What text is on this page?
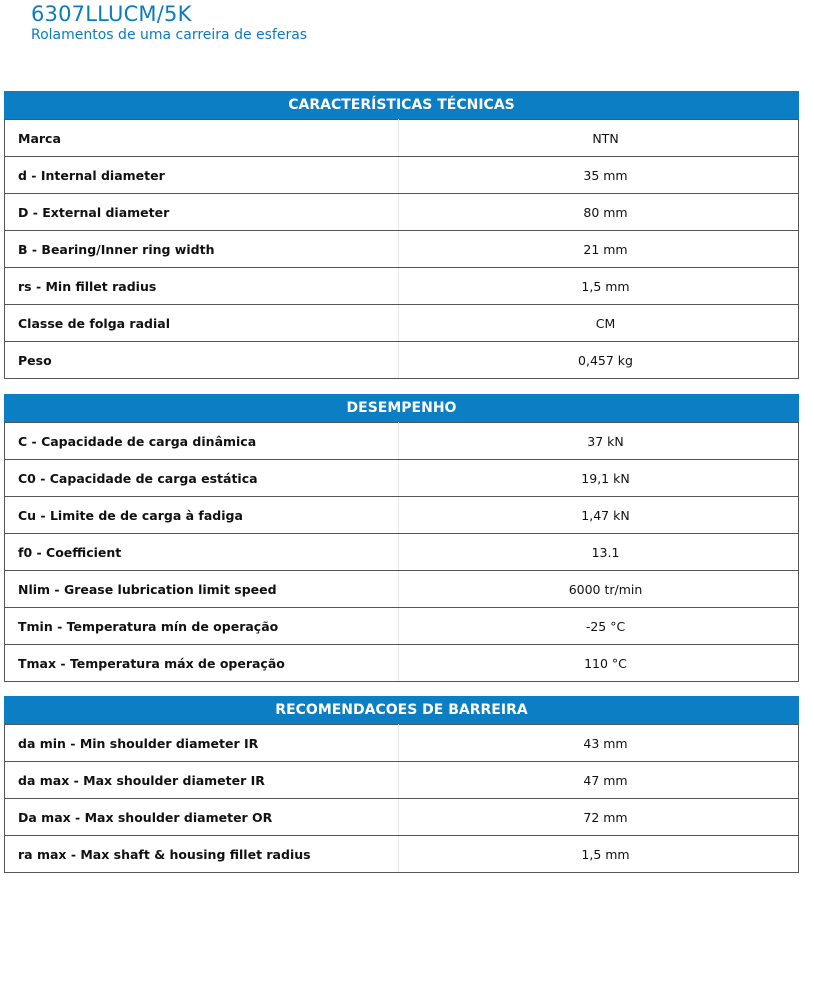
6307LLUCM/5K
Rolamentos de uma carreira de esferas
CARACTERÍSTICAS TÉCNICAS
Marca	NTN
d - Internal diameter	35 mm
D - External diameter	80 mm
B - Bearing/Inner ring width	21 mm
rs - Min fillet radius	1,5 mm
Classe de folga radial	CM
Peso	0,457 kg
DESEMPENHO
C - Capacidade de carga dinâmica	37 kN
C0 - Capacidade de carga estática	19,1 kN
Cu - Limite de de carga à fadiga	1,47 kN
f0 - Coefficient	13.1
Nlim - Grease lubrication limit speed	6000 tr/min
Tmin - Temperatura mín de operação	-25 °C
Tmax - Temperatura máx de operação	110 °C
RECOMENDACOES DE BARREIRA
da min - Min shoulder diameter IR	43 mm
da max - Max shoulder diameter IR	47 mm
Da max - Max shoulder diameter OR	72 mm
ra max - Max shaft & housing fillet radius	1,5 mm
